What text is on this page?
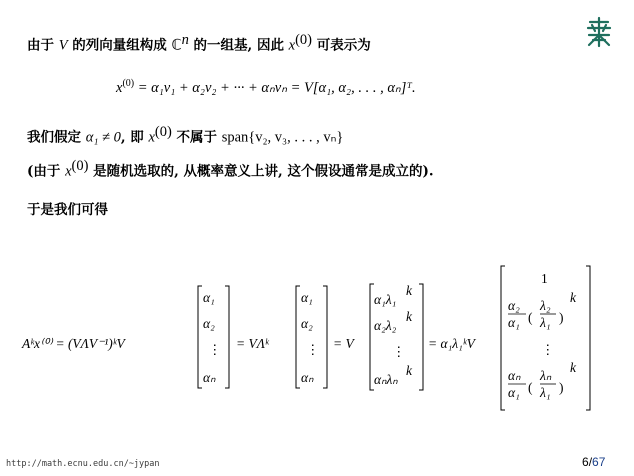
由于 V 的列向量组构成 ℂ$^n$ 的一组基, 因此 $x^{(0)}$ 可表示为
$x^{(0)} = \alpha_1v_1 + \alpha_2v_2$ + ··· + αₙvₙ = V[α₁, α₂, . . . , αₙ]ᵀ.
我们假定 α₁ ≠ 0, 即 $x^{(0)}$ 不属于 span{v₂, v₃, . . . , vₙ}
(由于 $x^{(0)}$ 是随机选取的, 从概率意义上讲, 这个假设通常是成立的).
于是我们可得
Aᵏx⁽⁰⁾ = (VΛV⁻¹)ᵏV
α₁
α₂
⋮
αₙ
= VΛᵏ
α₁
α₂
⋮
αₙ
= V
α₁λ₁
k
α₂λ₂
k
⋮
αₙλₙ
k
= α₁λ₁ᵏV
1
α₂
α₁ (
λ₂
λ₁ )
k
⋮
αₙ
α₁ (
λₙ
λ₁ )
k
http://math.ecnu.edu.cn/~jypan	6/67
